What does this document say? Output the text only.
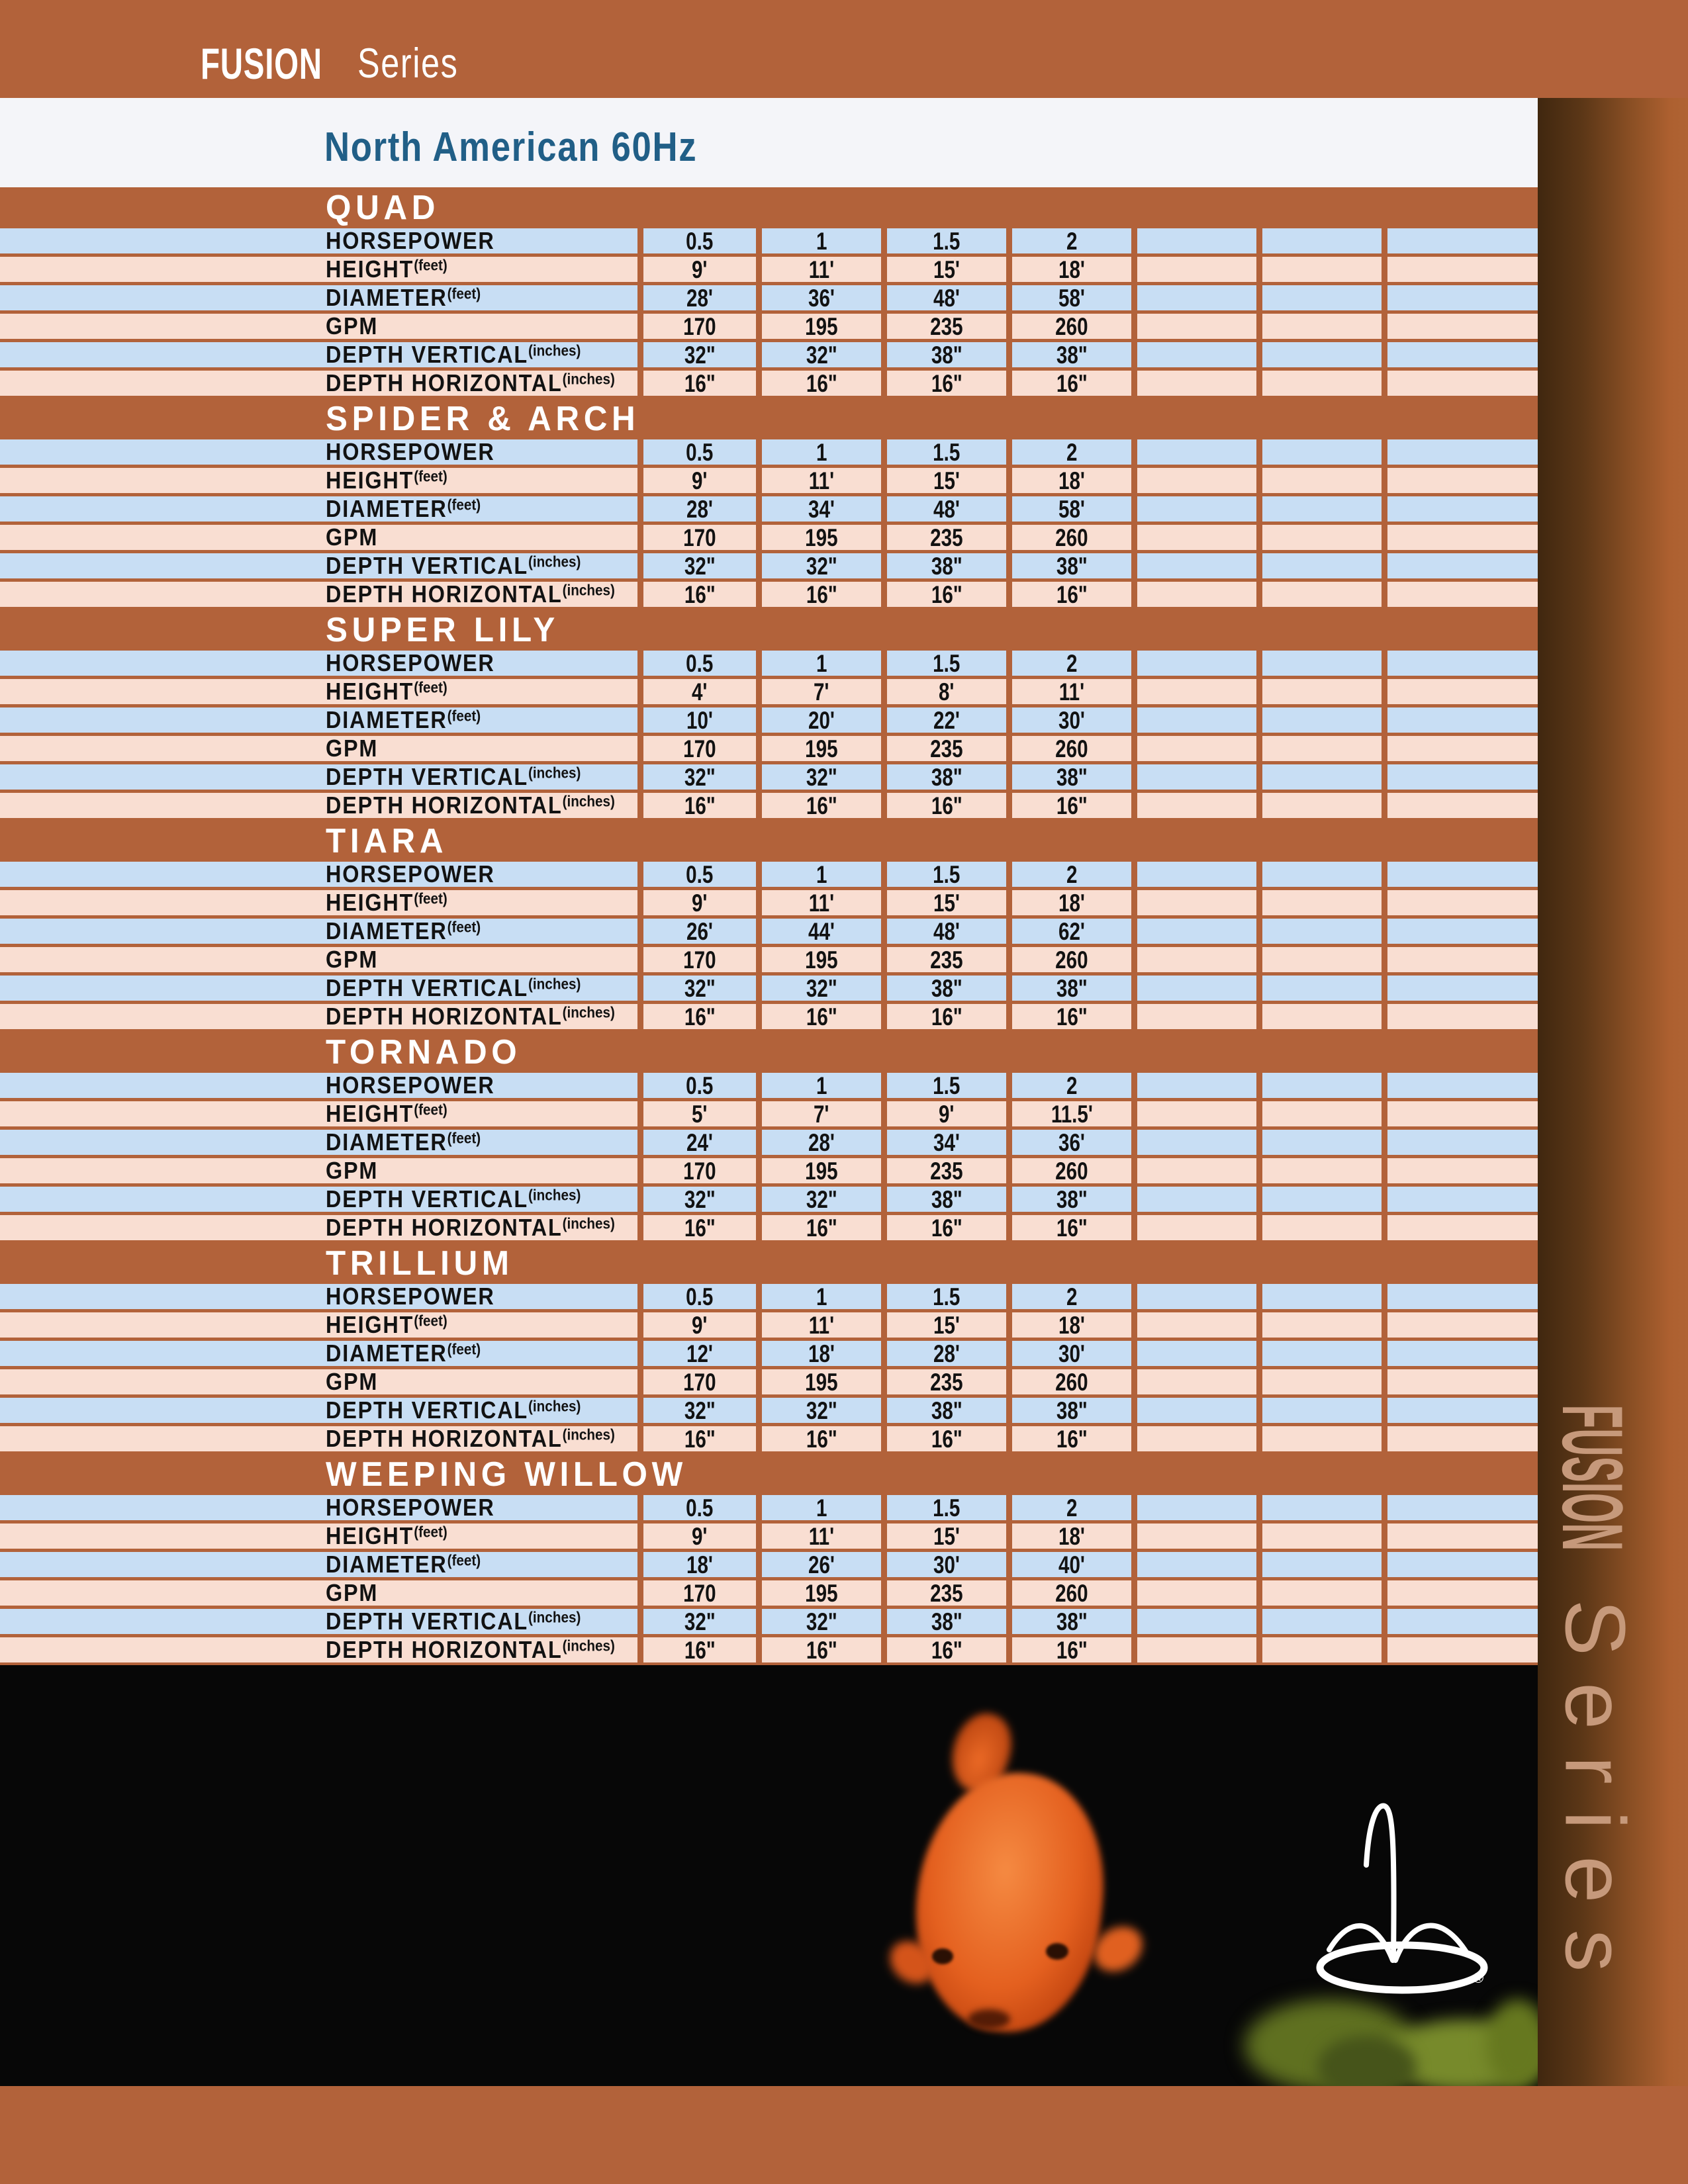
FUSION Series
North American 60Hz
QUAD
HORSEPOWER	0.5	1	1.5	2
$HEIGHT^{(feet)}$	9'	11'	15'	18'
$DIAMETER^{(feet)}$	28'	36'	48'	58'
GPM	170	195	235	260
DEPTH $VERTICAL^{(inches)}$	32"	32"	38"	38"
DEPTH $HORIZONTAL^{(inches)}$	16"	16"	16"	16"
SPIDER & ARCH
HORSEPOWER	0.5	1	1.5	2
$HEIGHT^{(feet)}$	9'	11'	15'	18'
$DIAMETER^{(feet)}$	28'	34'	48'	58'
GPM	170	195	235	260
DEPTH $VERTICAL^{(inches)}$	32"	32"	38"	38"
DEPTH $HORIZONTAL^{(inches)}$	16"	16"	16"	16"
SUPER LILY
HORSEPOWER	0.5	1	1.5	2
$HEIGHT^{(feet)}$	4'	7'	8'	11'
$DIAMETER^{(feet)}$	10'	20'	22'	30'
GPM	170	195	235	260
DEPTH $VERTICAL^{(inches)}$	32"	32"	38"	38"
DEPTH $HORIZONTAL^{(inches)}$	16"	16"	16"	16"
TIARA
HORSEPOWER	0.5	1	1.5	2
$HEIGHT^{(feet)}$	9'	11'	15'	18'
$DIAMETER^{(feet)}$	26'	44'	48'	62'
GPM	170	195	235	260
DEPTH $VERTICAL^{(inches)}$	32"	32"	38"	38"
DEPTH $HORIZONTAL^{(inches)}$	16"	16"	16"	16"
TORNADO
HORSEPOWER	0.5	1	1.5	2
$HEIGHT^{(feet)}$	5'	7'	9'	11.5'
$DIAMETER^{(feet)}$	24'	28'	34'	36'
GPM	170	195	235	260
DEPTH $VERTICAL^{(inches)}$	32"	32"	38"	38"
DEPTH $HORIZONTAL^{(inches)}$	16"	16"	16"	16"
TRILLIUM
HORSEPOWER	0.5	1	1.5	2
$HEIGHT^{(feet)}$	9'	11'	15'	18'
$DIAMETER^{(feet)}$	12'	18'	28'	30'
GPM	170	195	235	260
DEPTH $VERTICAL^{(inches)}$	32"	32"	38"	38"
DEPTH $HORIZONTAL^{(inches)}$	16"	16"	16"	16"
WEEPING WILLOW
HORSEPOWER	0.5	1	1.5	2
$HEIGHT^{(feet)}$	9'	11'	15'	18'
$DIAMETER^{(feet)}$	18'	26'	30'	40'
GPM	170	195	235	260
DEPTH $VERTICAL^{(inches)}$	32"	32"	38"	38"
DEPTH $HORIZONTAL^{(inches)}$	16"	16"	16"	16"
®
FUSION
Series
